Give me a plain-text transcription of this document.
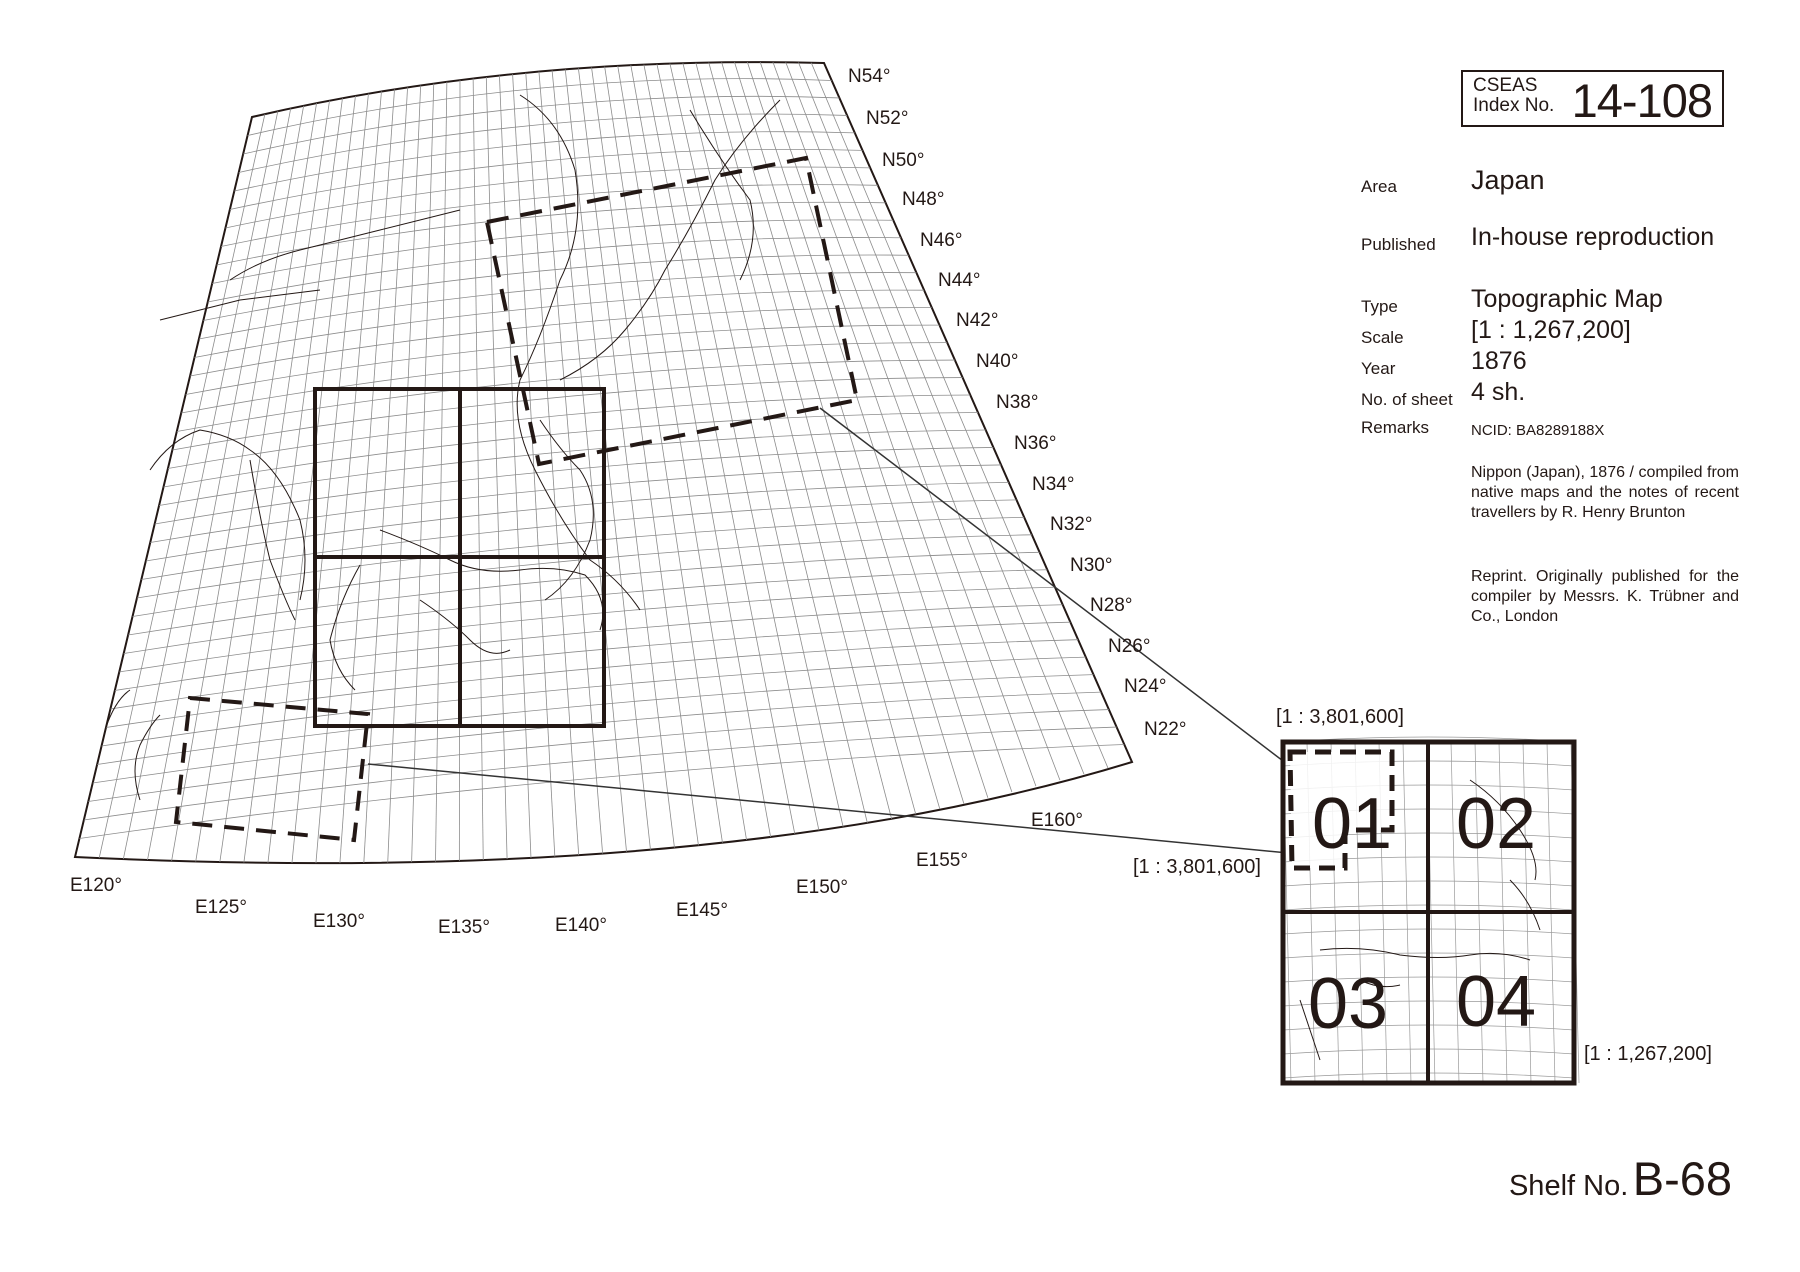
N54°
N52°
N50°
N48°
N46°
N44°
N42°
N40°
N38°
N36°
N34°
N32°
N30°
N28°
N26°
N24°
N22°
E120°
E125°
E130°	E135°	E140°
E145°
E150°
E155°
E160°	01 02
03 04
CSEAS
Index No. 14-108
Area	Japan
Published In-house reproduction
Type	Topographic Map
Scale	[1 : 1,267,200]
Year	1876
No. of sheet 4 sh.
Remarks	NCID: BA8289188X
Nippon (Japan), 1876 / compiled from native maps and the notes of recent travellers by R. Henry Brunton
Reprint. Originally published for the compiler by Messrs. K. Trübner and Co., London
[1 : 3,801,600]
[1 : 3,801,600]
[1 : 1,267,200]
Shelf No. B-68
